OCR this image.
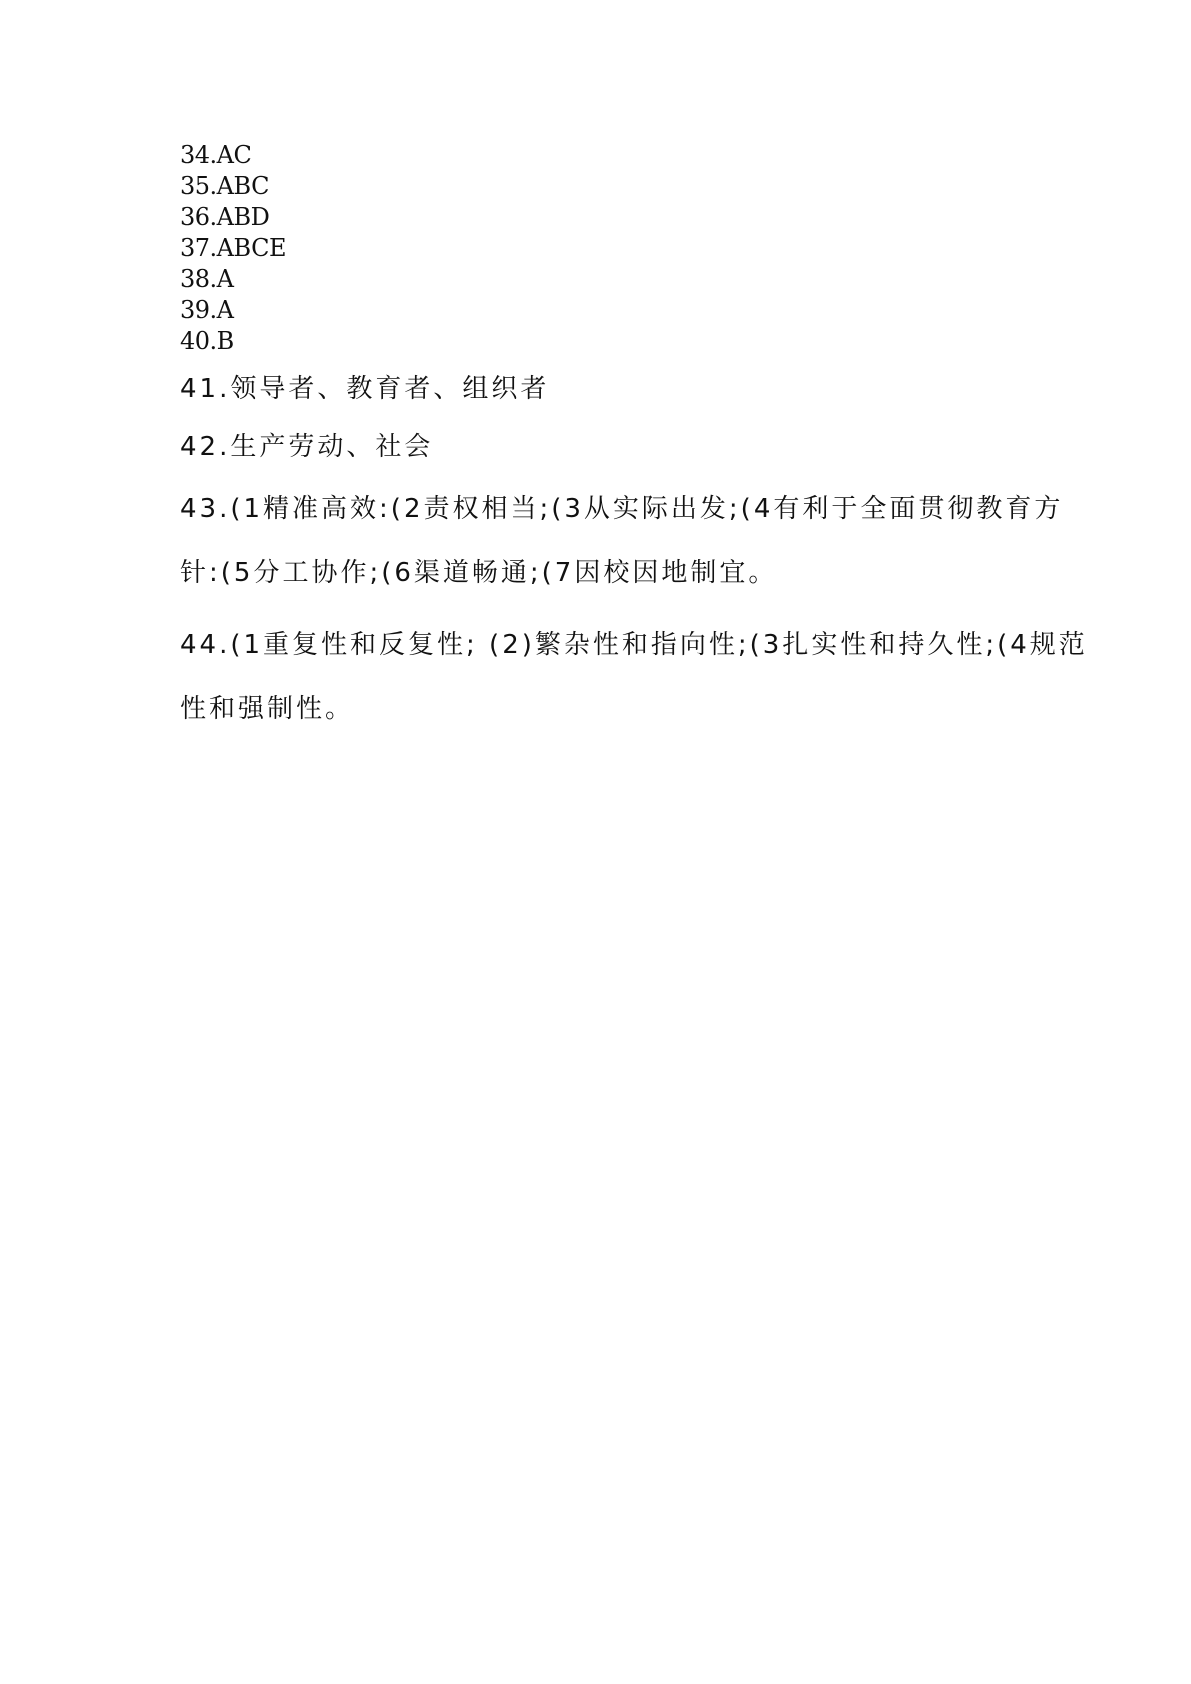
34.AC
35.ABC
36.ABD
37.ABCE
38.A
39.A
40.B
41.领导者、教育者、组织者
42.生产劳动、社会
43.(1精准高效:(2责权相当;(3从实际出发;(4有利于全面贯彻教育方
针:(5分工协作;(6渠道畅通;(7因校因地制宜。
44.(1重复性和反复性; (2)繁杂性和指向性;(3扎实性和持久性;(4规范
性和强制性。
